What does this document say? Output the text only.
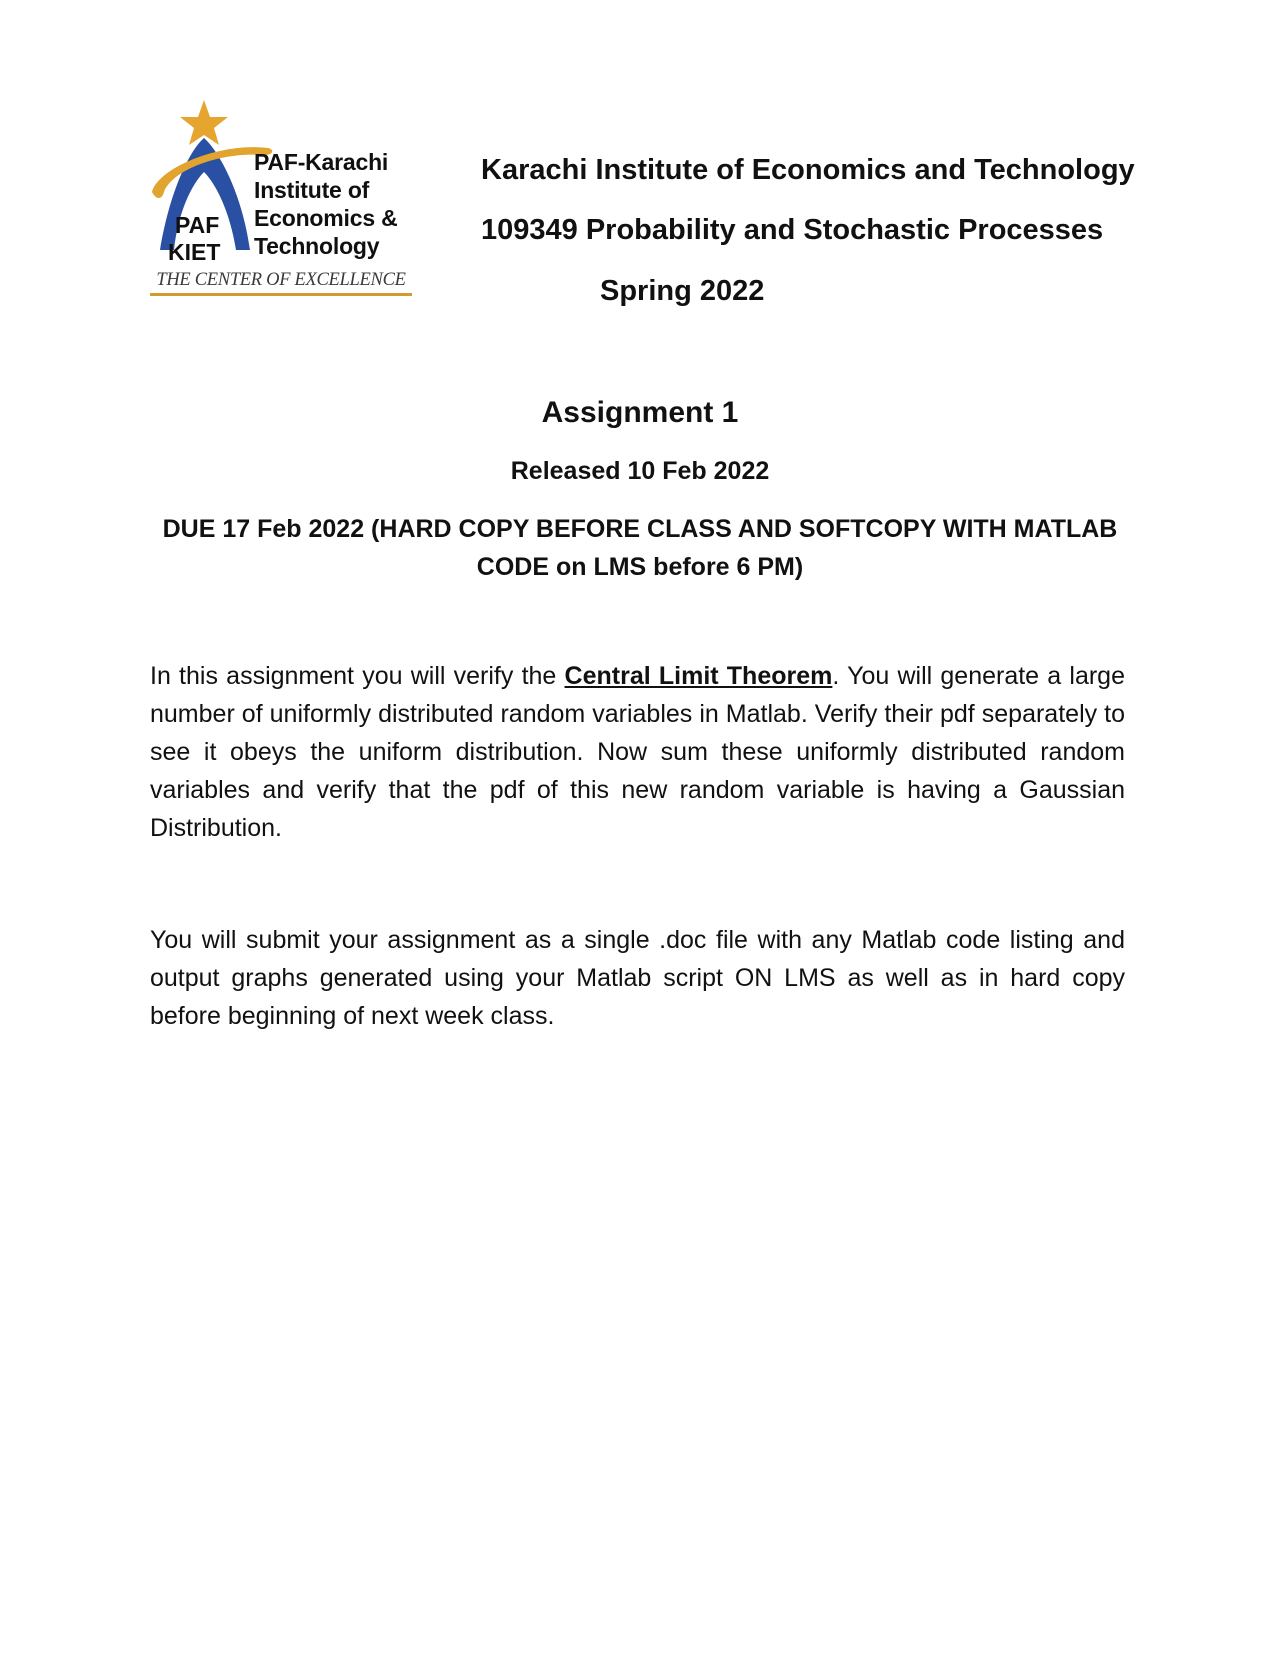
PAF-Karachi
Institute of
Economics &
Technology
PAF
KIET
THE CENTER OF EXCELLENCE
Karachi Institute of Economics and Technology
109349 Probability and Stochastic Processes
Spring 2022
Assignment 1
Released 10 Feb 2022
DUE 17 Feb 2022 (HARD COPY BEFORE CLASS AND SOFTCOPY WITH MATLAB
CODE on LMS before 6 PM)
In this assignment you will verify the Central Limit Theorem. You will generate a large number of uniformly distributed random variables in Matlab. Verify their pdf separately to see it obeys the uniform distribution. Now sum these uniformly distributed random variables and verify that the pdf of this new random variable is having a Gaussian Distribution.
You will submit your assignment as a single .doc file with any Matlab code listing and output graphs generated using your Matlab script ON LMS as well as in hard copy before beginning of next week class.
